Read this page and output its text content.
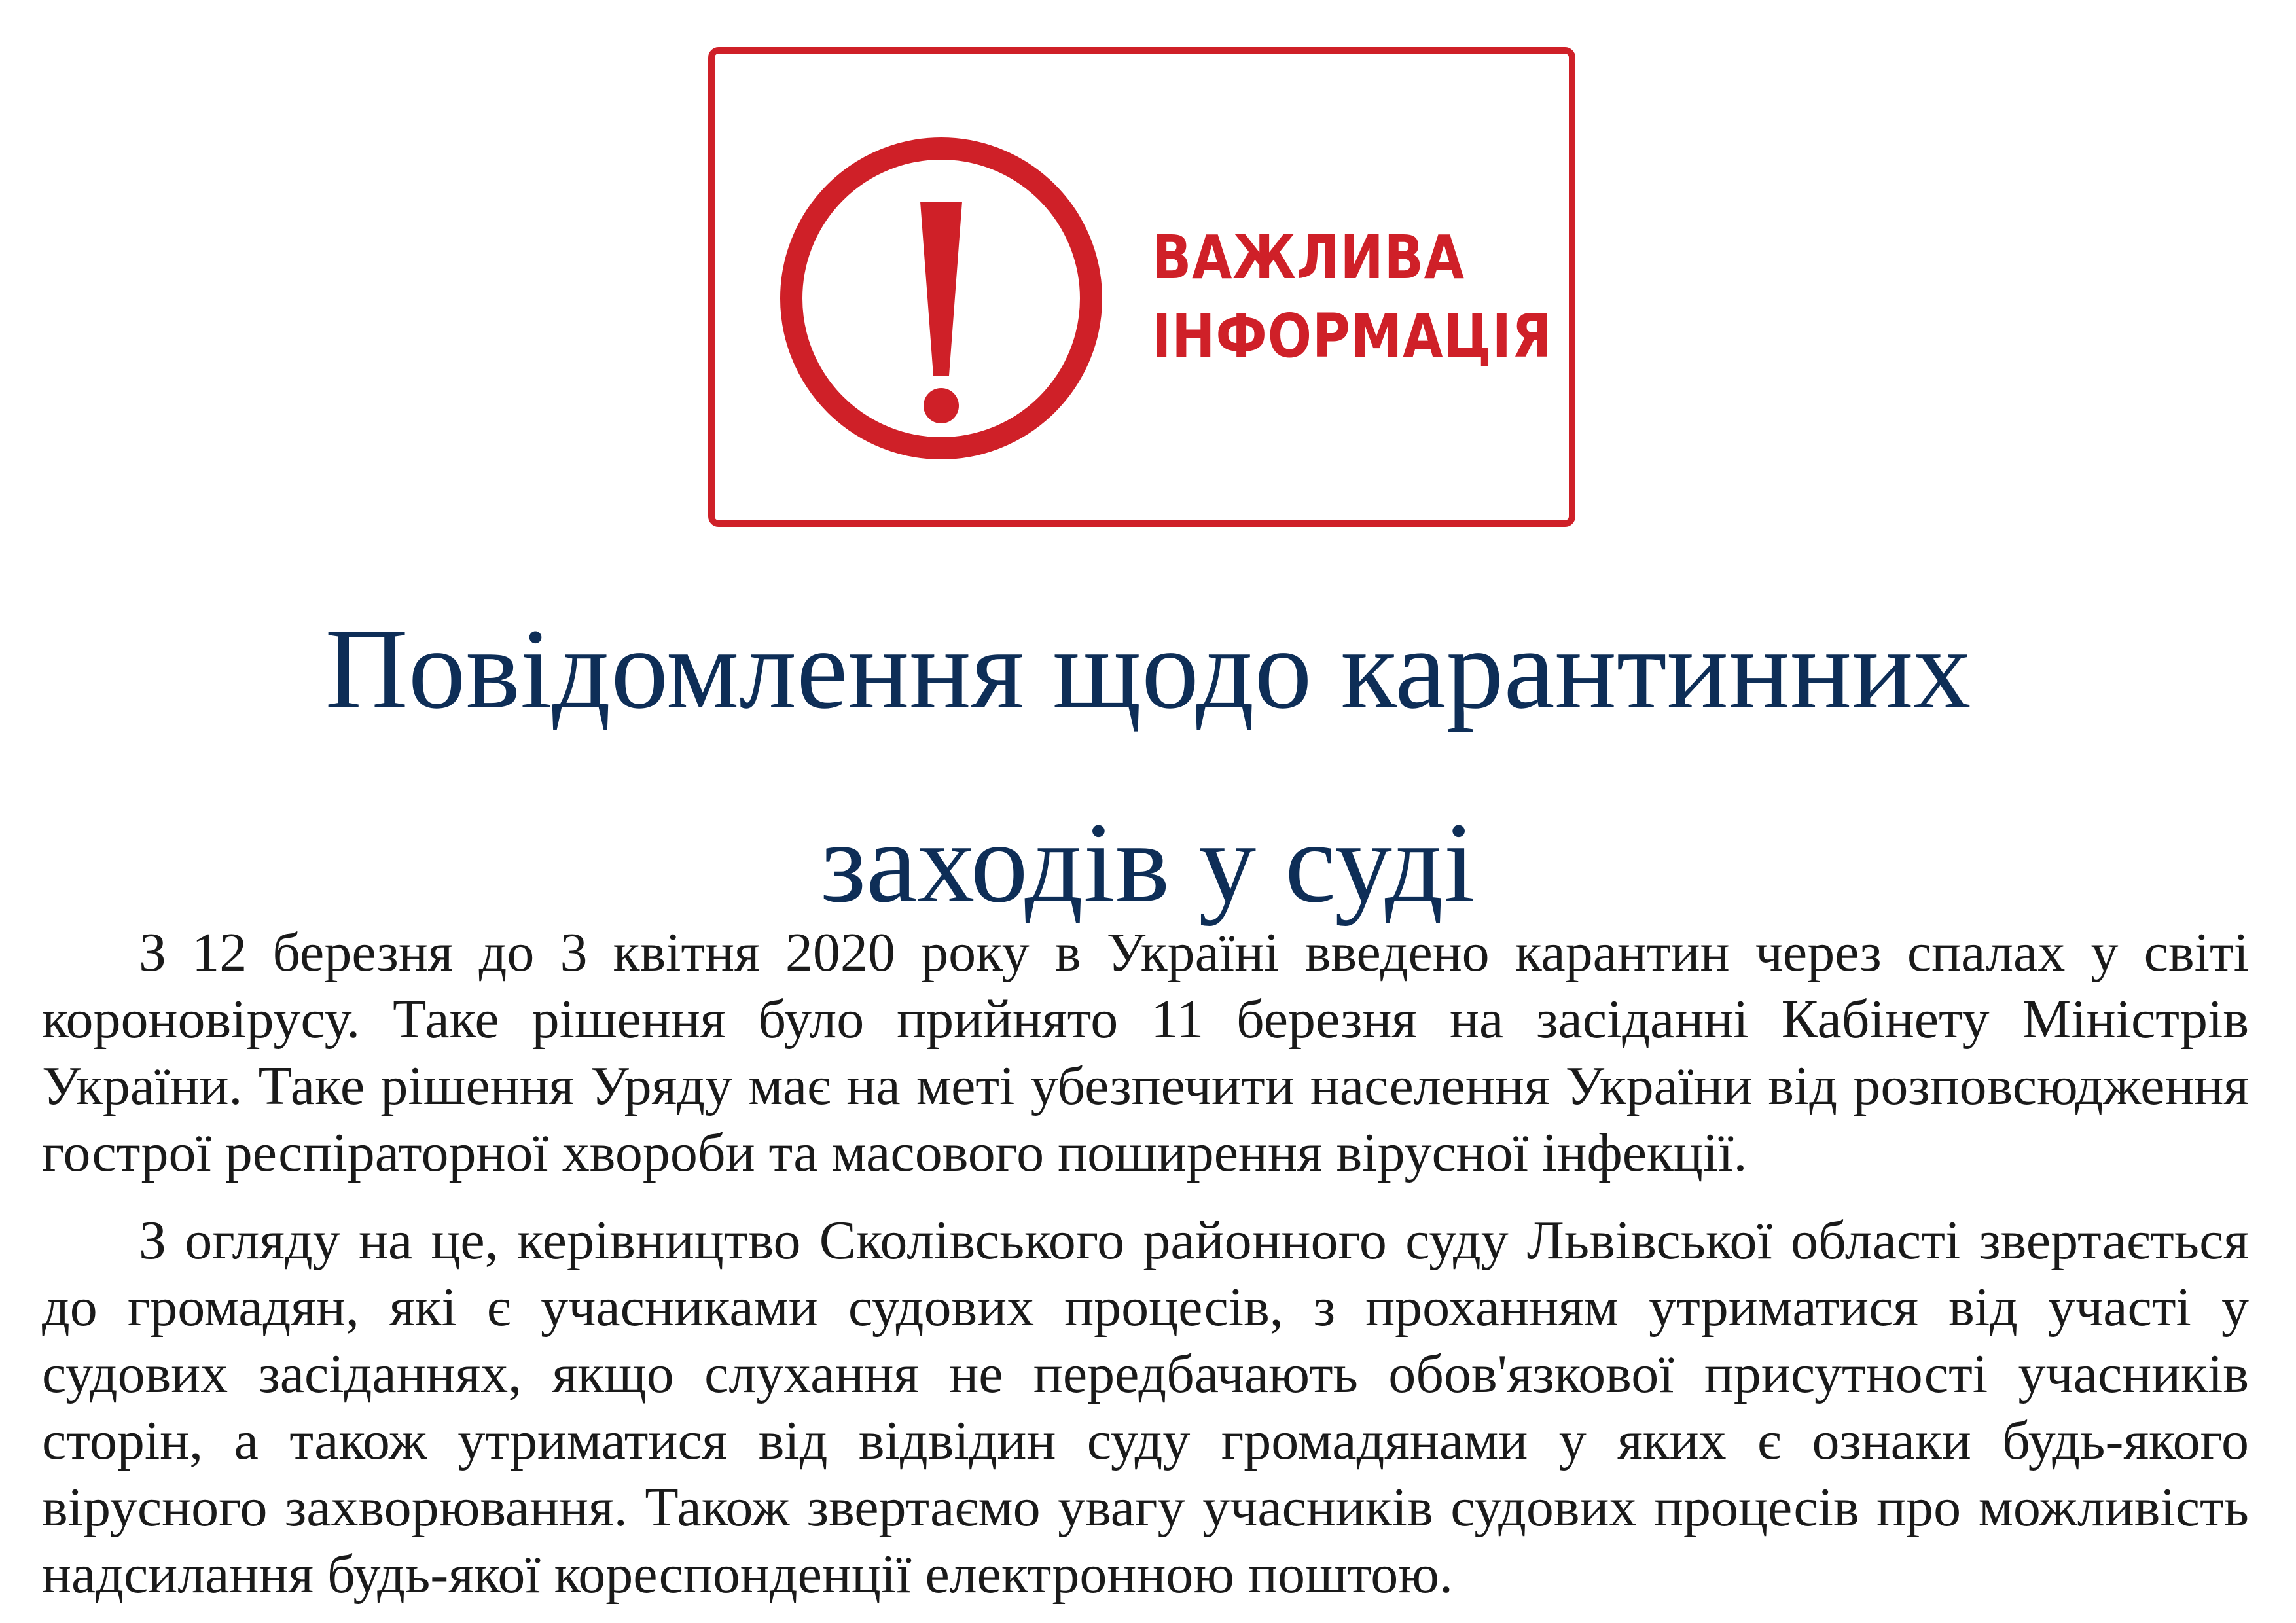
ВАЖЛИВА
ІНФОРМАЦІЯ
Повідомлення щодо карантинних
заходів у суді

З 12 березня до 3 квітня 2020 року в Україні введено карантин через спалах у світі короновірусу. Таке рішення було прийнято 11 березня на засіданні Кабінету Міністрів України. Таке рішення Уряду має на меті убезпечити населення України від розповсюдження гострої респіраторної хвороби та масового поширення вірусної інфекції.

З огляду на це, керівництво Сколівського районного суду Львівської області звертається до громадян, які є учасниками судових процесів, з проханням утриматися від участі у судових засіданнях, якщо слухання не передбачають обов'язкової присутності учасників сторін, а також утриматися від відвідин суду громадянами у яких є ознаки будь-якого вірусного захворювання. Також звертаємо увагу учасників судових процесів про можливість надсилання будь-якої кореспонденції електронною поштою.
